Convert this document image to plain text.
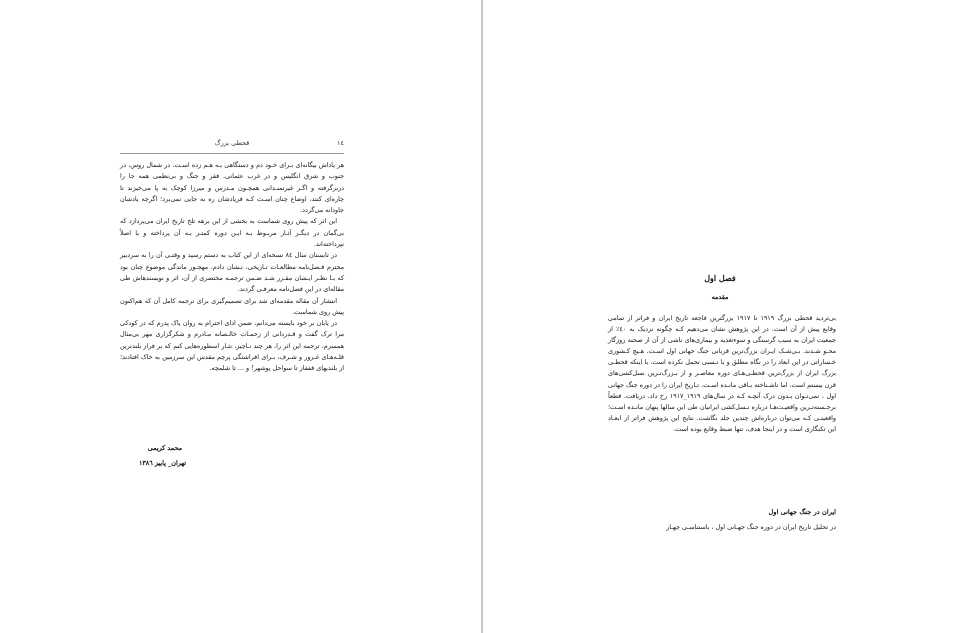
١٤
قحطی بزرگ

هر پاداش بیگانه‌ای بـرای خـود دم و دستگاهی بـه هـم زده اسـت. در شمال روس، در جنوب و شرق انگلیس و در غرب عثمانی. فقر و جنگ و بی‌نظمی همه جا را دربرگرفته و اگـر غیرتمنـدانی همچـون مـدرس و میرزا کوچک به پا می‌خیزند تا چاره‌ای کنند، اوضاع چنان اسـت کـه فریادشان ره به جایی نمی‌برد؛ اگرچه یادشان جاودانه می‌گردد.

این اثر که پیش روی شماست به بخشی از این برهه تلخ تاریخ ایران می‌پردازد که بی‌گمان در دیگـر آثـار مربـوط بـه ایـن دوره کمتـر بـه آن پرداخته و یا اصلاً نپرداخته‌اند.

در تابستان سال ٨٤ نسخه‌ای از این کتاب به دستم رسید و وقتـی آن را به سردبیر محترم فـصل‌نامه مطالعـات تـاریخی، نـشان دادم، مهجـور ماندگی موضوع چنان بود که بـا نظـر ایـشان مقـرر شـد ضـمن ترجمـه مختصری از آن، اثر و نویسندهاش طی مقاله‌ای در این فصل‌نامه معرفـی گردند.

انتشار آن مقاله مقدمه‌ای شد برای تصمیم‌گیری برای ترجمه کامل آن که هم‌اکنون پیش روی شماست.

در پایان بر خود بایسته می‌دانم، ضمن ادای احترام به روان پاک پدرم که در کودکی مرا ترک گفت و قـدردانی از زحمـات خالـصانه مـادرم و شکرگزاری مهر بی‌مثال همسرم، ترجمه این اثر را، هر چند نـاچیز، نثـار اسطوره‌هایی کنم که بر فراز بلندترین قلـه‌هـای غـرور و شـرف، بـرای افراشتگی پرچم مقدس این سرزمین به خاک افتادند؛ از بلندیهای قفقاز تا سواحل پوشهر! و ... تا شلمچه.

محمد کریمی
تهران_ پاییز ١٣٨٦
فصل اول
مقدمه

بی‌تردید قحطی بزرگ ١٩١٩ تا ١٩١٧ بزرگترین فاجعه تاریخ ایران و فراتر از تمامی وقایع پیش از آن است. در این پژوهش نشان می‌دهیم کـه چگونه نزدیک به ٤٠٪ از جمعیت ایران به سبب گرسنگی و سوءتغذیه و بیماری‌های ناشی از آن از صحنه روزگار محـو شـدند. بـی‌شـک ایـران بزرگ‌ترین قربانی جنگ جهانی اول اسـت. هـیچ کـشوری خـساراتی در این ابعاد را در نگاه مطلق و یا نـسبی تحمل نکرده است. با اینکه قحطـی بزرگ ایران از بزرگ‌ترین قحطـی‌هـای دوره معاصـر و از بـزرگ‌تـرین نسل‌کشی‌های قرن بیستم است، اما ناشـناخته بـاقی مانـده اسـت. تـاریخ ایران را در دوره جنگ جهانی اول ، نمی‌تـوان بـدون درک آنچـه کـه در سال‌های ١٩١٩_١٩١٧ رخ داد، دریافت. قطعاً برجـسته‌تـرین واقعیـت‌هـا درباره نـسل‌کشی ایرانیان طی این سالها پنهان مانـده اسـت؛ واقعیتـی کـه می‌توان درباره‌اش چندین جلد نگاشت. نتایج این پژوهش فراتر از ابعـاد این تکنگاری است و در اینجا هدف، تنها ضبط وقایع بوده است.

ایران در جنگ جهانی اول
در تحلیل تاریخ ایران در دوره جنگ جهـانی اول ، باستناسـی چهـار
